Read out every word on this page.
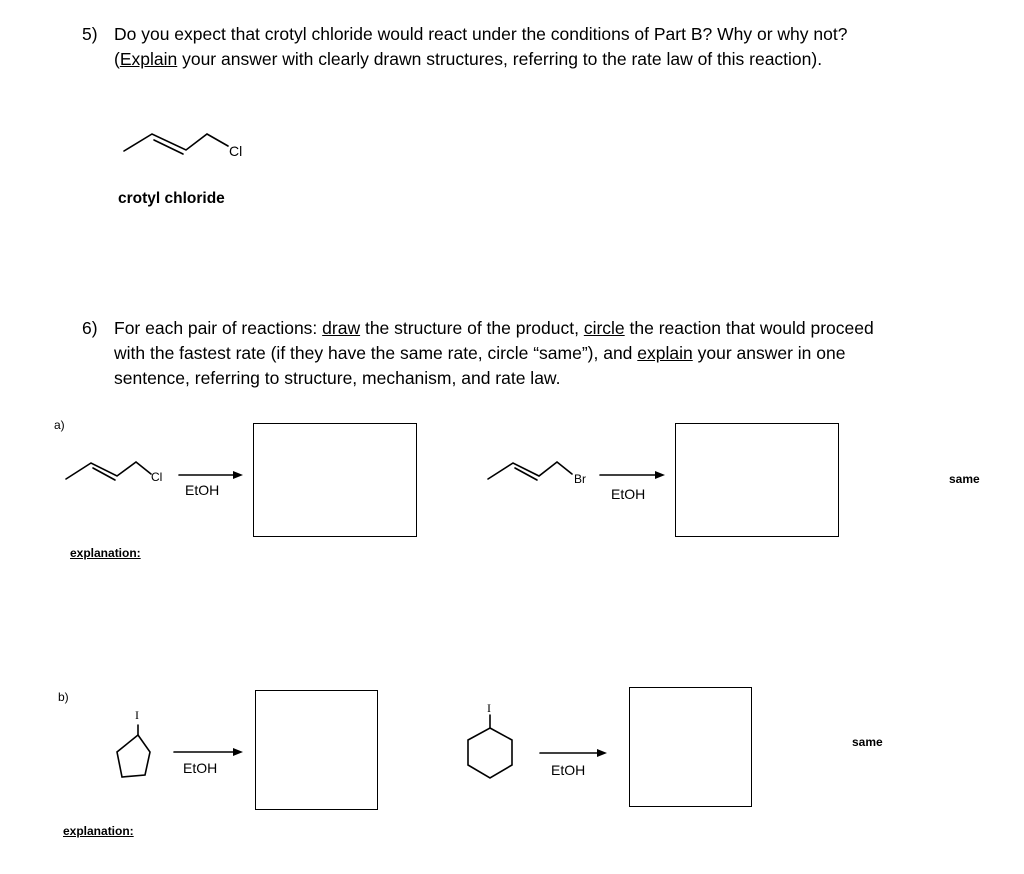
5) Do you expect that crotyl chloride would react under the conditions of Part B? Why or why not?
(Explain your answer with clearly drawn structures, referring to the rate law of this reaction).
Cl
crotyl chloride
6) For each pair of reactions: draw the structure of the product, circle the reaction that would proceed
with the fastest rate (if they have the same rate, circle “same”), and explain your answer in one
sentence, referring to structure, mechanism, and rate law.
a)
Cl
EtOH
Br
EtOH
same
explanation:
b)
I
EtOH
I
EtOH
same
explanation:
